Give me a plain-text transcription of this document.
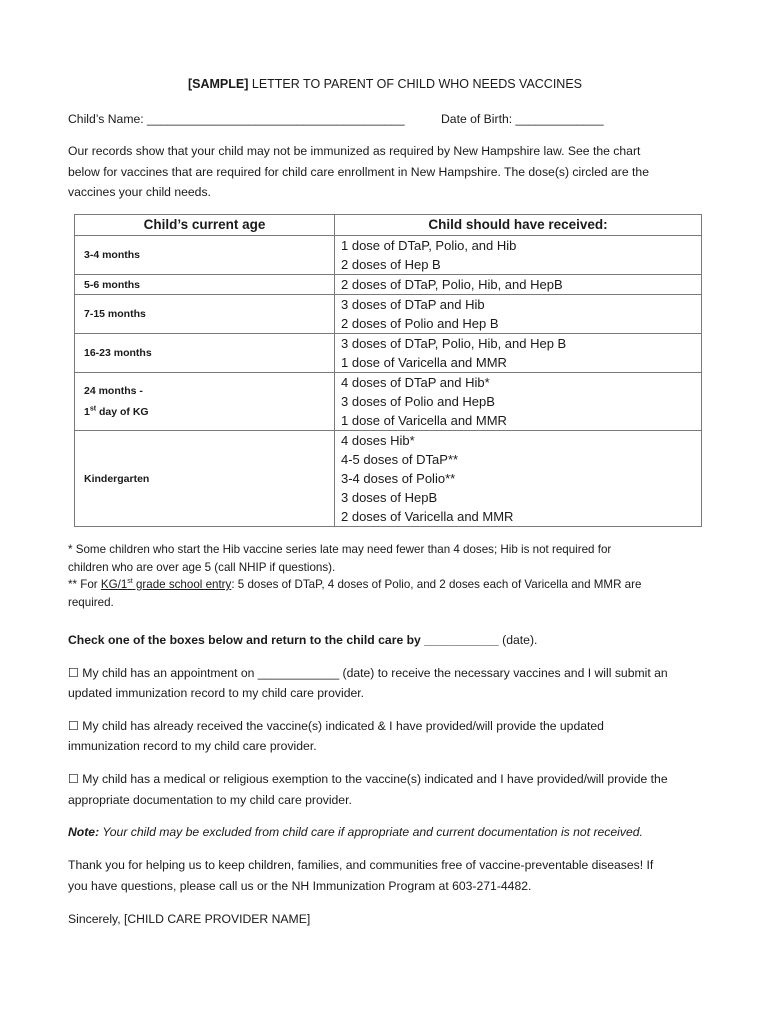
[SAMPLE] LETTER TO PARENT OF CHILD WHO NEEDS VACCINES
Child’s Name: ______________________________________	Date of Birth: _____________
Our records show that your child may not be immunized as required by New Hampshire law. See the chart
below for vaccines that are required for child care enrollment in New Hampshire. The dose(s) circled are the
vaccines your child needs.
Child’s current age	Child should have received:
3-4 months	1 dose of DTaP, Polio, and Hib
2 doses of Hep B

5-6 months	2 doses of DTaP, Polio, Hib, and HepB

7-15 months	3 doses of DTaP and Hib
2 doses of Polio and Hep B

16-23 months	3 doses of DTaP, Polio, Hib, and Hep B
1 dose of Varicella and MMR

24 months -
1st day of KG	4 doses of DTaP and Hib*
3 doses of Polio and HepB
1 dose of Varicella and MMR

Kindergarten	4 doses Hib*
4-5 doses of DTaP**
3-4 doses of Polio**
3 doses of HepB
2 doses of Varicella and MMR
* Some children who start the Hib vaccine series late may need fewer than 4 doses; Hib is not required for
children who are over age 5 (call NHIP if questions).
** For KG/1st grade school entry: 5 doses of DTaP, 4 doses of Polio, and 2 doses each of Varicella and MMR are
required.
Check one of the boxes below and return to the child care by ___________ (date).
☐ My child has an appointment on ____________ (date) to receive the necessary vaccines and I will submit an
updated immunization record to my child care provider.
☐ My child has already received the vaccine(s) indicated & I have provided/will provide the updated
immunization record to my child care provider.
☐ My child has a medical or religious exemption to the vaccine(s) indicated and I have provided/will provide the
appropriate documentation to my child care provider.
Note: Your child may be excluded from child care if appropriate and current documentation is not received.
Thank you for helping us to keep children, families, and communities free of vaccine-preventable diseases! If
you have questions, please call us or the NH Immunization Program at 603-271-4482.
Sincerely, [CHILD CARE PROVIDER NAME]
